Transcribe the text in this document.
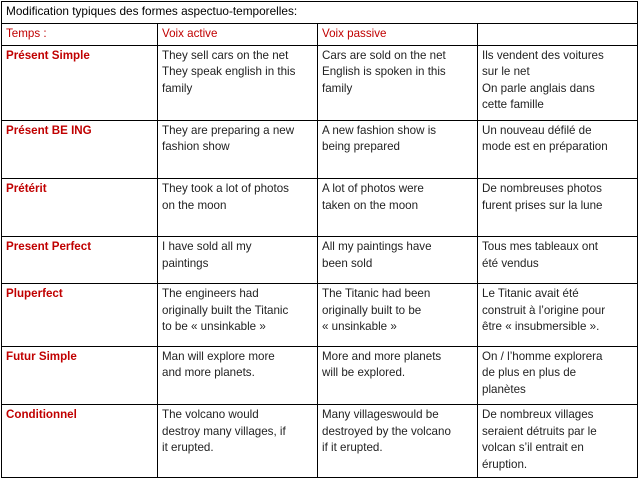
Modification typiques des formes aspectuo-temporelles:			
Temps :	Voix active	Voix passive	
Présent Simple	They sell cars on the net
They speak english in this
family	Cars are sold on the net
English is spoken in this
family	Ils vendent des voitures
sur le net
On parle anglais dans
cette famille

Présent BE ING	They are preparing a new
fashion show	A new fashion show is
being prepared	Un nouveau défilé de
mode est en préparation

Prétérit	They took a lot of photos
on the moon	A lot of photos were
taken on the moon	De nombreuses photos
furent prises sur la lune

Present Perfect	I have sold all my
paintings	All my paintings have
been sold	Tous mes tableaux ont
été vendus

Pluperfect	The engineers had
originally built the Titanic
to be « unsinkable »	The Titanic had been
originally built to be
« unsinkable »	Le Titanic avait été
construit à l’origine pour
être « insubmersible ».

Futur Simple	Man will explore more
and more planets.	More and more planets
will be explored.	On / l’homme explorera
de plus en plus de
planètes

Conditionnel	The volcano would
destroy many villages, if
it erupted.	Many villageswould be
destroyed by the volcano
if it erupted.	De nombreux villages
seraient détruits par le
volcan s’il entrait en
éruption.
